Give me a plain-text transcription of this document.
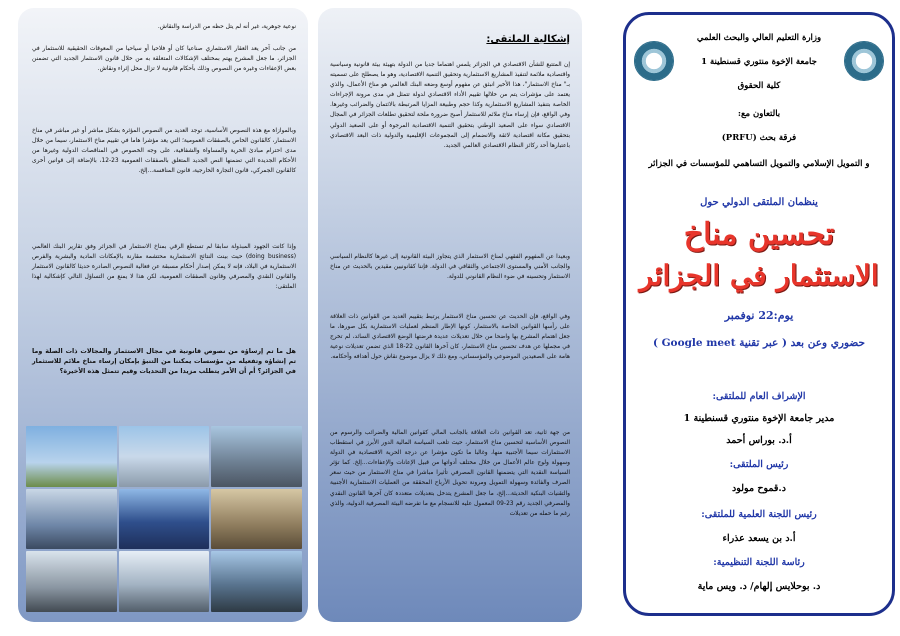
نوعية جوهرية، غير أنه لم يتل حظه من الدراسة والنقاش.
من جانب آخر يعد العقار الاستثماري صناعيا كان أو فلاحيا أو سياحيا من المعوقات الحقيقية للاستثمار في الجزائر، ما جعل المشرع يهتم بمختلف الإشكالات المتعلقة به من خلال قانون الاستثمار الجديد التي تضمنن بعض الإعفاءات وغيره من النصوص وذلك بأحكام قانونية لا تزال محل إثراء ونقاش.
وبالموازاة مع هذه النصوص الأساسية، توجد العديد من النصوص المؤثرة بشكل مباشر أو غير مباشر في مناخ الاستثمار، كالقانون الخاص بالصفقات العمومية؛ التي يعد مؤشرا هاما في تقييم مناخ الاستثمار، سيما من خلال مدى احترام مبادئ الحرية والمساواة والشفافية، على وجه الخصوص في المناقصات الدولية وغيرها من الأحكام الجديدة التي تضمنها النص الجديد المتعلق بالصفقات العمومية 23-12، بالإضافة إلى قوانين أخرى كالقانون الجمركي، قانون التجارة الخارجية، قانون المنافسة...إلخ.
وإذا كانت الجهود المبذولة سابقا لم تستطع الرقي بمناخ الاستثمار في الجزائر وفق تقارير البنك العالمي (doing business) حيث بينت النتائج الاستثمارية محتشمة مقارنة بالإمكانات المادية والبشرية والفرص الاستثمارية في البلاد، فإنه لا يمكن إصدار أحكام مسبقة عن فعالية النصوص الصادرة حديثا كالقانون الاستثمار والقانون النقدي والمصرفي وقانون الصفقات العمومية، لكن هذا لا يمنع من التساؤل التالي كإشكالية لهذا الملتقى:
هل ما تم إرساؤه من نصوص قانونية في مجال الاستثمار والمجالات ذات الصلة وما تم إنشاؤه وتفعيله من مؤسسات يمكننا من التنبؤ بإمكان إرساء مناخ ملائم للاستثمار في الجزائر؟ أم أن الأمر يتطلب مزيدا من التحديات وقيم تتمثل هذه الأخيرة؟
إشكالية الملتقى:
إن المتتبع للشأن الاقتصادي في الجزائر يلمس اهتماما جديا من الدولة بتهيئة بيئة قانونية وسياسية واقتصادية ملائمة لتنفيذ المشاريع الاستثمارية وتحقيق التنمية الاقتصادية، وهو ما يصطلح على تسميته بـ" مناخ الاستثمار"، هذا الأخير انبثق عن مفهوم أوسع وضعه البنك العالمي هو مناخ الأعمال، والذي يعتمد على مؤشرات يتم من خلالها تقييم الأداء الاقتصادي لدولة تتمثل في مدى مرونة الإجراءات الخاصة بتنفيذ المشاريع الاستثمارية وكذا حجم وطبيعة المزايا المرتبطة بالائتمان والضرائب وغيرها. وفي الواقع، فإن إرساء مناخ ملائم للاستثمار أصبح ضرورة ملحة لتحقيق تطلعات الجزائر في المجال الاقتصادي سواء على الصعيد الوطني بتحقيق التنمية الاقتصادية المرجوة أو على الصعيد الدولي بتحقيق مكانة اقتصادية لائقة والانضمام إلى المجموعات الإقليمية والدولية ذات البعد الاقتصادي باعتبارها أحد ركائز النظام الاقتصادي العالمي الجديد.
وبعيدا عن المفهوم الفقهي لمناخ الاستثمار الذي يتجاوز البيئة القانونية إلى غيرها كالنظام السياسي والجانب الأمني والمستوى الاجتماعي والثقافي في الدولة. فإننا كقانونيين مقيدين بالحديث عن مناخ الاستثمار وتحسينه في ضوء النظام القانوني للدولة.
وفي الواقع، فإن الحديث عن تحسين مناخ الاستثمار يرتبط بتقييم العديد من القوانين ذات العلاقة على رأسها القوانين الخاصة بالاستثمار، كونها الإطار المنظم لعمليات الاستثمارية بكل صورها، ما جعل اهتمام المشرع بها واضحا من خلال تعديلات عديدة فرضتها الوضع الاقتصادي السائد، لم تخرج في مجملها عن هدف تحسين مناخ الاستثمار، كان آخرها القانون 22-18 الذي تضمن تعديلات نوعية هامة على الصعيدين الموضوعي والمؤسساتي، ومع ذلك لا يزال موضوع نقاش حول أهدافه وأحكامه.
من جهة ثانية، تعد القوانين ذات العلاقة بالجانب المالي كقوانين المالية والضرائب والرسوم من النصوص الأساسية لتحسين مناخ الاستثمار، حيث تلعب السياسة المالية الدور الأبرز في استقطاب الاستثمارات سيما الأجنبية منها، وغالبا ما تكون مؤشرا عن درجة الحرية الاقتصادية في الدولة وسهولة ولوج عالم الأعمال من خلال مختلف أدواتها من قبيل الإعانات والإعفاءات...إلخ. كما تؤثر السياسة النقدية التي يتضمنها القانون المصرفي تأثيرا مباشرا في مناخ الاستثمار من حيث سعر الصرف والفائدة وسهولة التمويل ومرونة تحويل الأرباح المحققة من العمليات الاستثمارية الأجنبية والتقنيات البنكية الحديثة...إلخ، ما جعل المشرع يتدخل بتعديلات متعددة كان آخرها القانون النقدي والمصرفي الجديد رقم 23-09 المعمول عليه للانسجام مع ما تفرضه البيئة المصرفية الدولية، والذي رغم ما حمله من تعديلات
وزارة التعليم العالي والبحث العلمي
جامعة الإخوة منتوري قسنطينة 1
كلية الحقوق
بالتعاون مع:
فرقة بحث (PRFU)
و التمويل الإسلامي والتمويل التساهمي للمؤسسات في الجزائر
ينظمان الملتقى الدولي حول
تحسين مناخ
الاستثمار في الجزائر
يوم:22 نوفمبر
حضوري وعن بعد ( عبر تقنية Google meet )
الإشراف العام للملتقى:
مدير جامعة الإخوة منتوري قسنطينة 1
أ.د. بوراس أحمد
رئيس الملتقى:
د.قموح مولود
رئيس اللجنة العلمية للملتقى:
أ.د بن يسعد عذراء
رئاسة اللجنة التنظيمية:
د. بوحلايس إلهام/ د. ويس ماية
